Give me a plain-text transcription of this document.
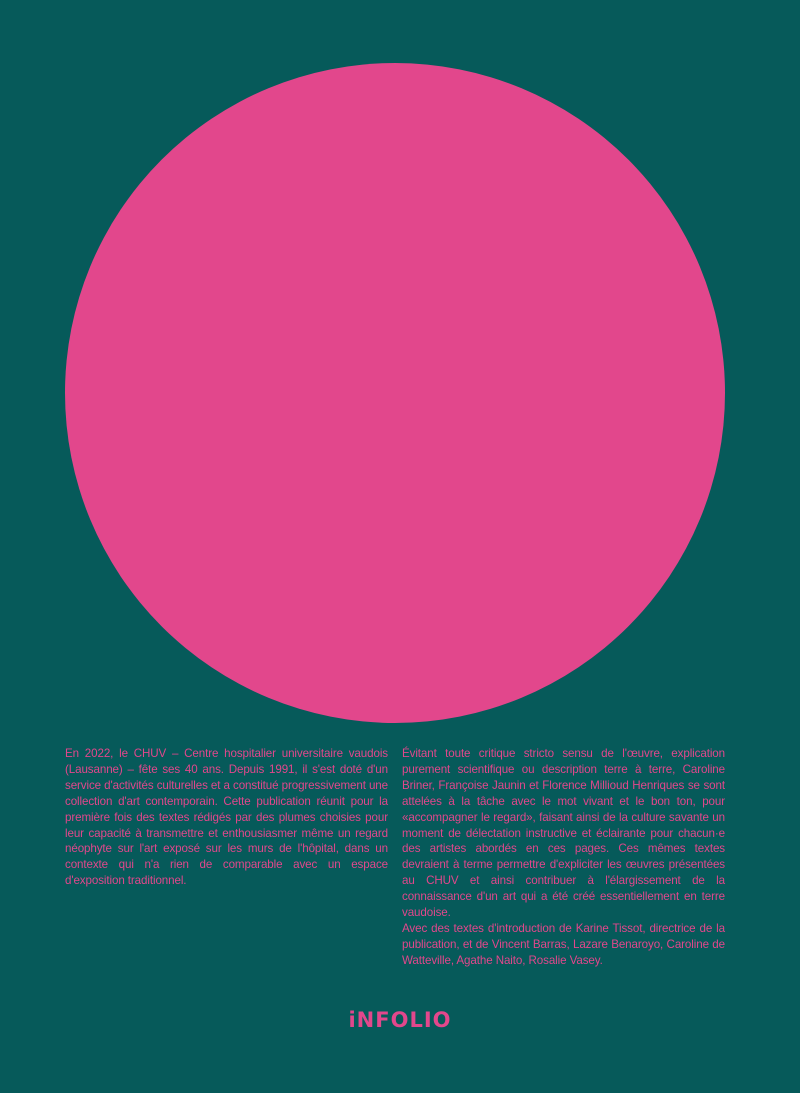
En 2022, le CHUV – Centre hospitalier universitaire vaudois (Lausanne) – fête ses 40 ans. Depuis 1991, il s'est doté d'un service d'activités culturelles et a constitué progressivement une collection d'art contemporain. Cette publication réunit pour la première fois des textes rédigés par des plumes choisies pour leur capacité à transmettre et enthousiasmer même un regard néophyte sur l'art exposé sur les murs de l'hôpital, dans un contexte qui n'a rien de comparable avec un espace d'exposition traditionnel.

Évitant toute critique stricto sensu de l'œuvre, explication purement scientifique ou description terre à terre, Caroline Briner, Françoise Jaunin et Florence Millioud Henriques se sont attelées à la tâche avec le mot vivant et le bon ton, pour «accompagner le regard», faisant ainsi de la culture savante un moment de délectation instructive et éclairante pour chacun·e des artistes abordés en ces pages. Ces mêmes textes devraient à terme permettre d'expliciter les œuvres présentées au CHUV et ainsi contribuer à l'élargissement de la connaissance d'un art qui a été créé essentiellement en terre vaudoise.

Avec des textes d'introduction de Karine Tissot, directrice de la publication, et de Vincent Barras, Lazare Benaroyo, Caroline de Watteville, Agathe Naito, Rosalie Vasey.

iNFOLIO
